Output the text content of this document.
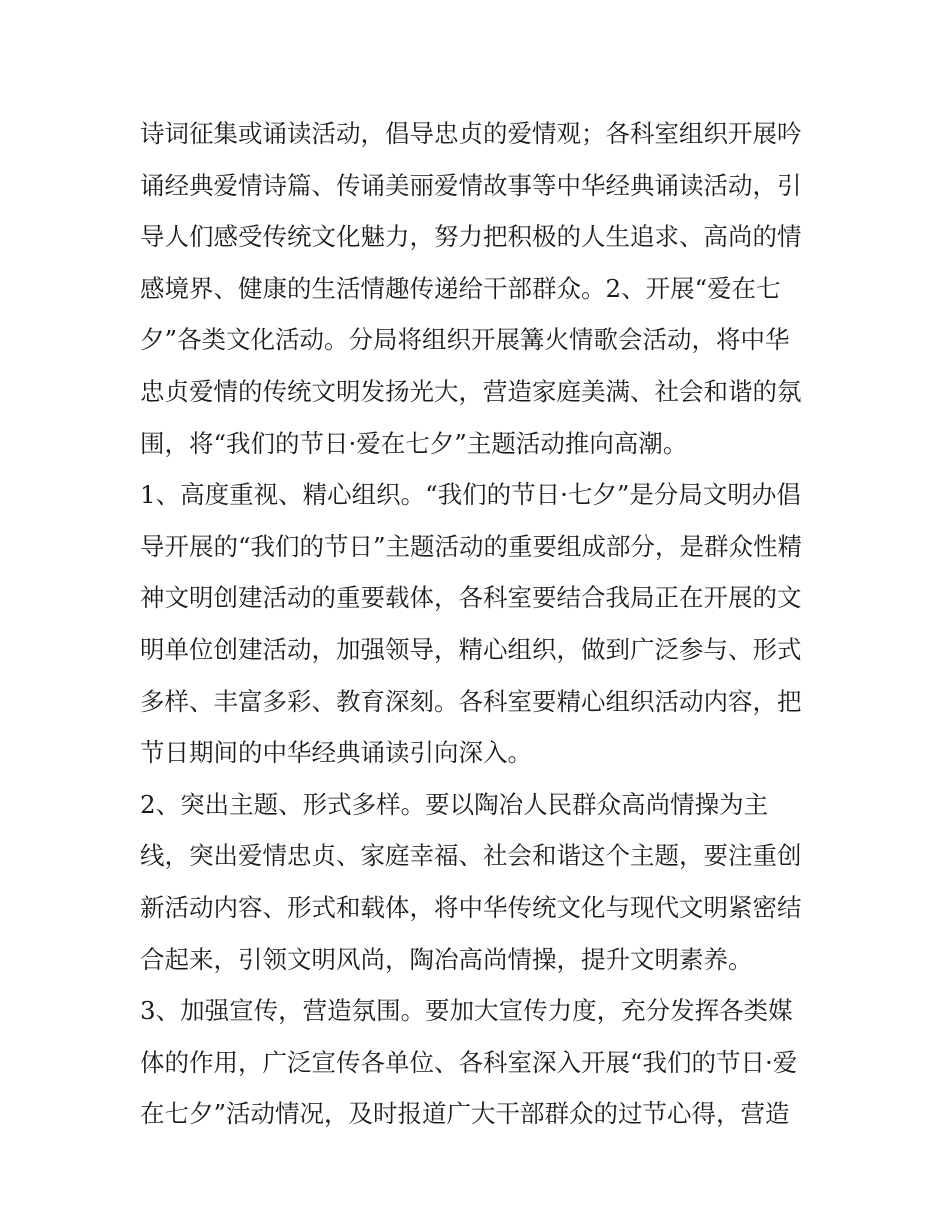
诗词征集或诵读活动，倡导忠贞的爱情观；各科室组织开展吟
诵经典爱情诗篇、传诵美丽爱情故事等中华经典诵读活动，引
导人们感受传统文化魅力，努力把积极的人生追求、高尚的情
感境界、健康的生活情趣传递给干部群众。2、开展“爱在七
夕”各类文化活动。分局将组织开展篝火情歌会活动，将中华
忠贞爱情的传统文明发扬光大，营造家庭美满、社会和谐的氛
围，将“我们的节日·爱在七夕”主题活动推向高潮。
1、高度重视、精心组织。“我们的节日·七夕”是分局文明办倡
导开展的“我们的节日”主题活动的重要组成部分，是群众性精
神文明创建活动的重要载体，各科室要结合我局正在开展的文
明单位创建活动，加强领导，精心组织，做到广泛参与、形式
多样、丰富多彩、教育深刻。各科室要精心组织活动内容，把
节日期间的中华经典诵读引向深入。
2、突出主题、形式多样。要以陶冶人民群众高尚情操为主
线，突出爱情忠贞、家庭幸福、社会和谐这个主题，要注重创
新活动内容、形式和载体，将中华传统文化与现代文明紧密结
合起来，引领文明风尚，陶冶高尚情操，提升文明素养。
3、加强宣传，营造氛围。要加大宣传力度，充分发挥各类媒
体的作用，广泛宣传各单位、各科室深入开展“我们的节日·爱
在七夕”活动情况，及时报道广大干部群众的过节心得，营造
